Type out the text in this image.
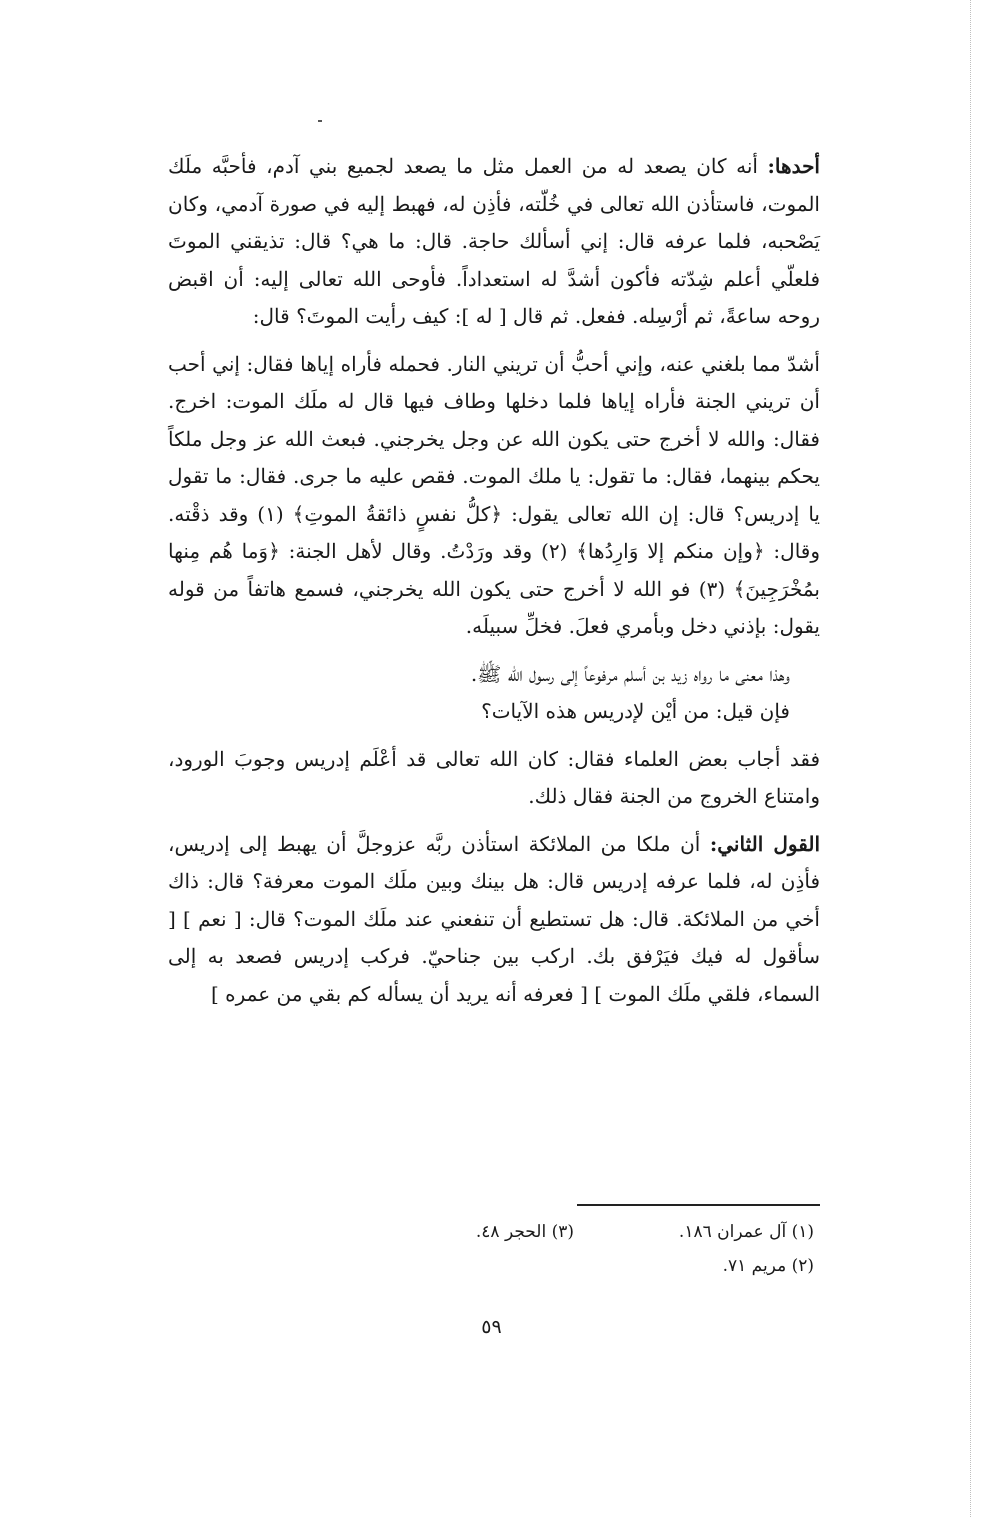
أحدها: أنه كان يصعد له من العمل مثل ما يصعد لجميع بني آدم، فأحبَّه ملَك الموت، فاستأذن الله تعالى في خُلّته، فأذِن له، فهبط إليه في صورة آدمي، وكان يَصْحبه، فلما عرفه قال: إني أسألك حاجة. قال: ما هي؟ قال: تذيقني الموتَ فلعلّي أعلم شِدّته فأكون أشدَّ له استعداداً. فأوحى الله تعالى إليه: أن اقبض روحه ساعةً، ثم أرْسِله. ففعل. ثم قال [ له ]: كيف رأيت الموتَ؟ قال:

أشدّ مما بلغني عنه، وإني أحبُّ أن تريني النار. فحمله فأراه إياها فقال: إني أحب أن تريني الجنة فأراه إياها فلما دخلها وطاف فيها قال له ملَك الموت: اخرج. فقال: والله لا أخرج حتى يكون الله عن وجل يخرجني. فبعث الله عز وجل ملكاً يحكم بينهما، فقال: ما تقول: يا ملك الموت. فقص عليه ما جرى. فقال: ما تقول يا إدريس؟ قال: إن الله تعالى يقول: ﴿كلُّ نفسٍ ذائقةُ الموتِ﴾ (١) وقد ذقْته. وقال: ﴿وإن منكم إلا وَارِدُها﴾ (٢) وقد ورَدْتُ. وقال لأهل الجنة: ﴿وَما هُم مِنها بمُخْرَجِينَ﴾ (٣) فو الله لا أخرج حتى يكون الله يخرجني، فسمع هاتفاً من قوله يقول: بإذني دخل وبأمري فعلَ. فخلِّ سبيلَه.

وهذا معنى ما رواه زيد بن أسلم مرفوعاً إلى رسول الله ﷺ.

فإن قيل: من أيْن لإدريس هذه الآيات؟

فقد أجاب بعض العلماء فقال: كان الله تعالى قد أعْلَم إدريس وجوبَ الورود، وامتناع الخروج من الجنة فقال ذلك.

القول الثاني: أن ملكا من الملائكة استأذن ربَّه عزوجلَّ أن يهبط إلى إدريس، فأذِن له، فلما عرفه إدريس قال: هل بينك وبين ملَك الموت معرفة؟ قال: ذاك أخي من الملائكة. قال: هل تستطيع أن تنفعني عند ملَك الموت؟ قال: [ نعم ] [ سأقول له فيك فيَرْفق بك. اركب بين جناحيّ. فركب إدريس فصعد به إلى السماء، فلقي ملَك الموت ] [ فعرفه أنه يريد أن يسأله كم بقي من عمره ]

(١) آل عمران ١٨٦.
(٣) الحجر ٤٨.
(٢) مريم ٧١.
٥٩
